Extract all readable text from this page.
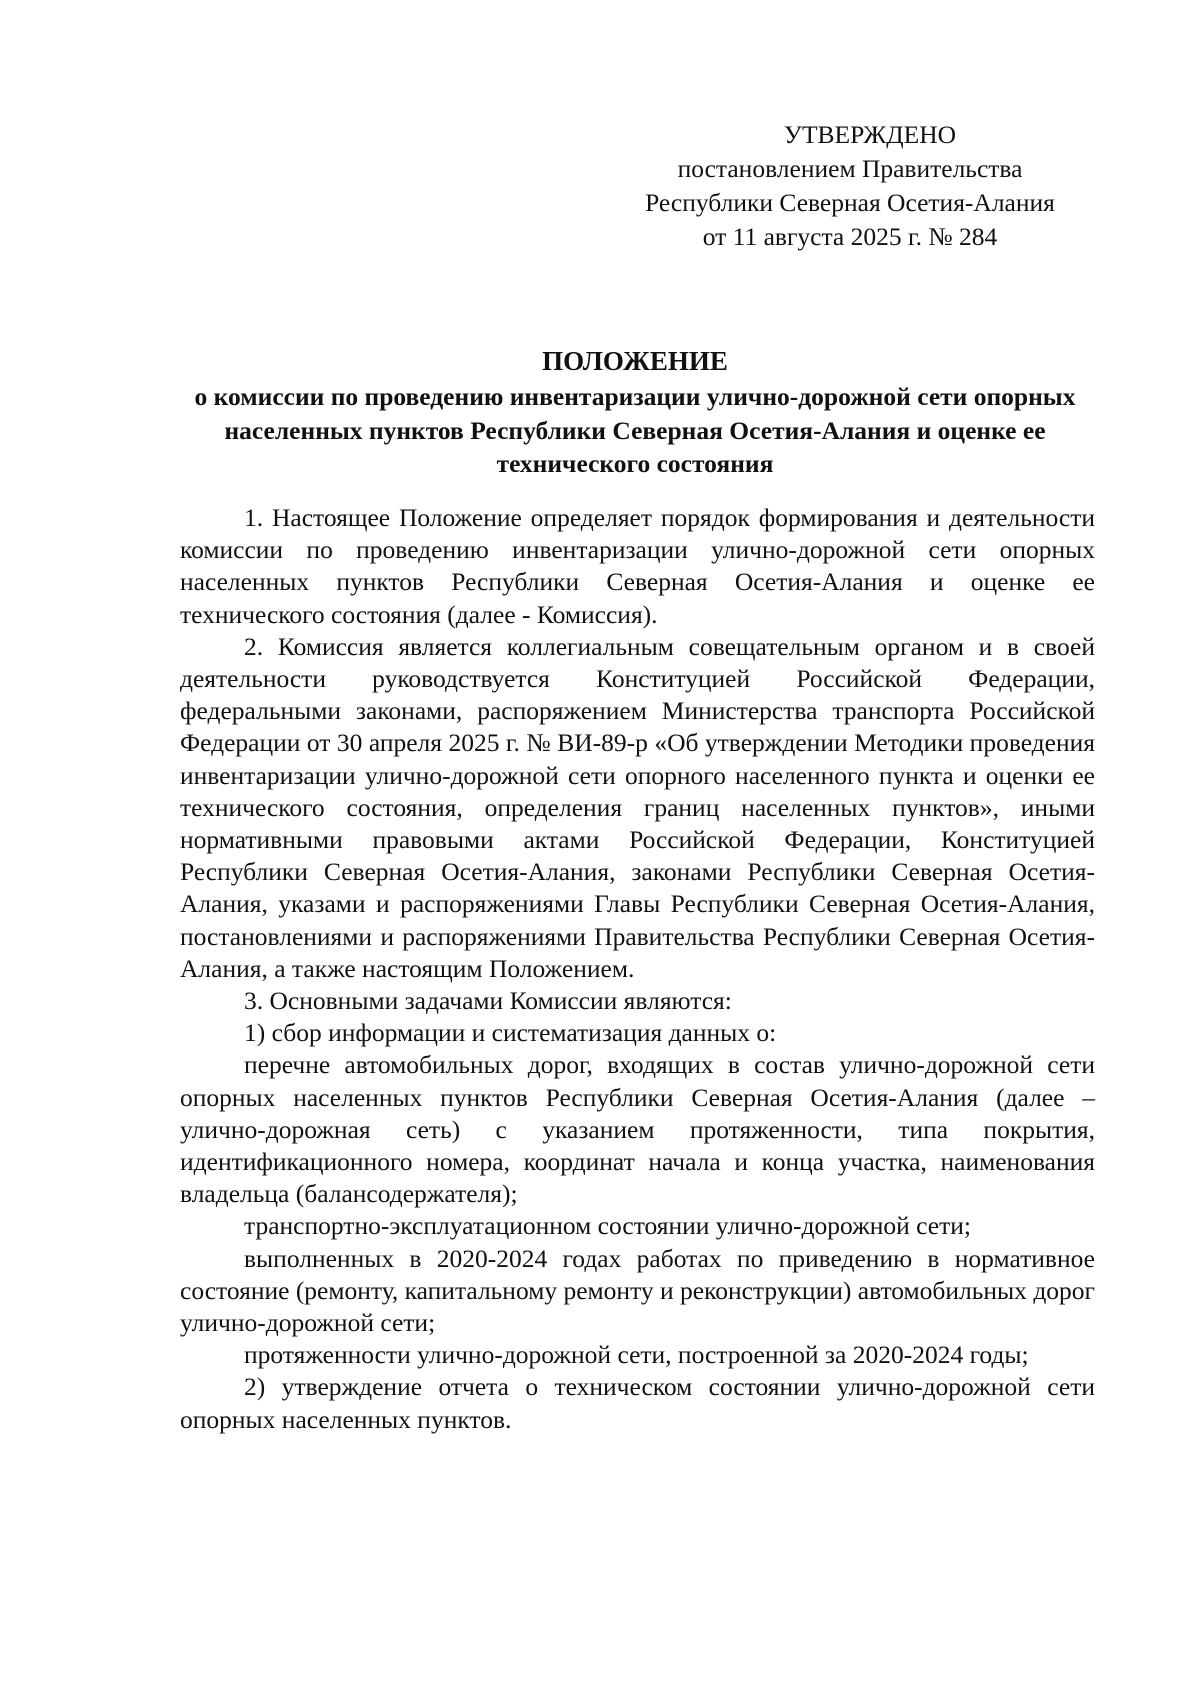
УТВЕРЖДЕНО
постановлением Правительства
Республики Северная Осетия-Алания
от 11 августа 2025 г. № 284
ПОЛОЖЕНИЕ
о комиссии по проведению инвентаризации улично-дорожной сети опорных населенных пунктов Республики Северная Осетия-Алания и оценке ее технического состояния

1. Настоящее Положение определяет порядок формирования и деятельности комиссии по проведению инвентаризации улично-дорожной сети опорных населенных пунктов Республики Северная Осетия-Алания и оценке ее технического состояния (далее - Комиссия).

2. Комиссия является коллегиальным совещательным органом и в своей деятельности руководствуется Конституцией Российской Федерации, федеральными законами, распоряжением Министерства транспорта Российской Федерации от 30 апреля 2025 г. № ВИ-89-р «Об утверждении Методики проведения инвентаризации улично-дорожной сети опорного населенного пункта и оценки ее технического состояния, определения границ населенных пунктов», иными нормативными правовыми актами Российской Федерации, Конституцией Республики Северная Осетия-Алания, законами Республики Северная Осетия-Алания, указами и распоряжениями Главы Республики Северная Осетия-Алания, постановлениями и распоряжениями Правительства Республики Северная Осетия-Алания, а также настоящим Положением.

3. Основными задачами Комиссии являются:

1) сбор информации и систематизация данных о:

перечне автомобильных дорог, входящих в состав улично-дорожной сети опорных населенных пунктов Республики Северная Осетия-Алания (далее – улично-дорожная сеть) с указанием протяженности, типа покрытия, идентификационного номера, координат начала и конца участка, наименования владельца (балансодержателя);

транспортно-эксплуатационном состоянии улично-дорожной сети;

выполненных в 2020-2024 годах работах по приведению в нормативное состояние (ремонту, капитальному ремонту и реконструкции) автомобильных дорог улично-дорожной сети;

протяженности улично-дорожной сети, построенной за 2020-2024 годы;

2) утверждение отчета о техническом состоянии улично-дорожной сети опорных населенных пунктов.
